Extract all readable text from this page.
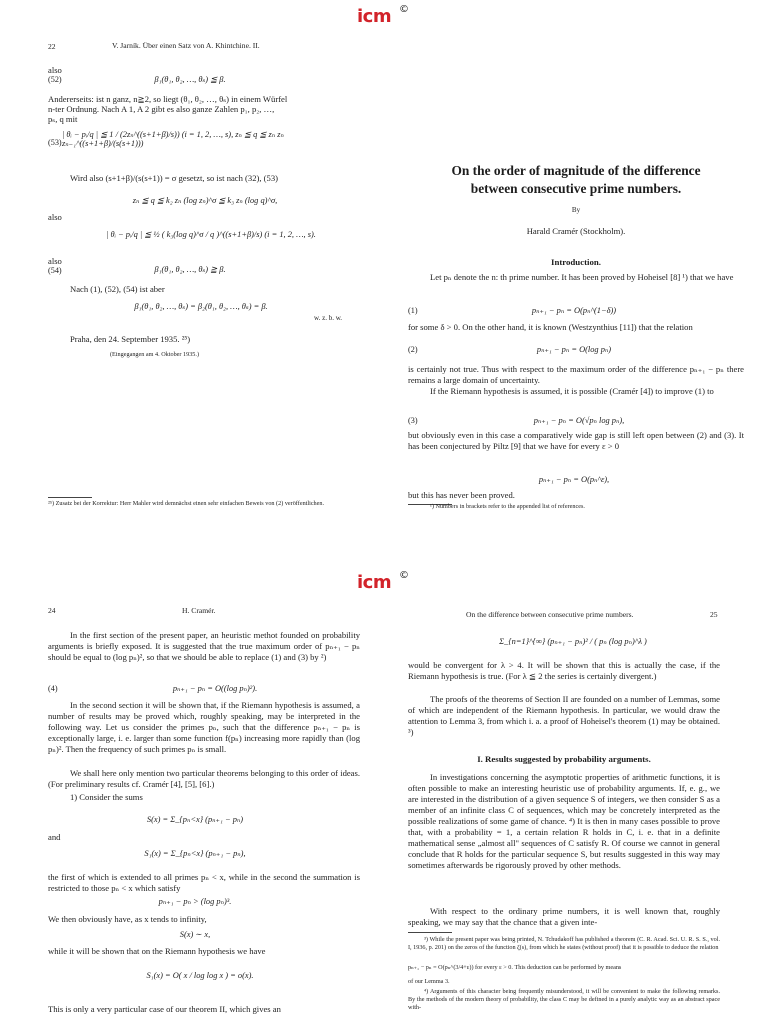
icm ©
22	V. Jarník. Über einen Satz von A. Khintchine. II.
also
(52)	β₁(θ₁, θ₂, …, θₛ) ≦ β.
Andererseits: ist n ganz, n≧2, so liegt (θ₁, θ₂, …, θₛ) in einem Würfel
n-ter Ordnung. Nach A 1, A 2 gibt es also ganze Zahlen p₁, p₂, …,
pₛ, q mit
(53)
| θᵢ − pᵢ/q | ≦ 1 / (2zₙ^((s+1+β)/s)) (i = 1, 2, …, s), zₙ ≦ q ≦ zₙ zₙ zₙ₋₁^((s+1+β)/(s(s+1)))
Wird also (s+1+β)/(s(s+1)) = σ gesetzt, so ist nach (32), (53)
zₙ ≦ q ≦ k₂ zₙ (log zₙ)^σ ≦ k₃ zₙ (log q)^σ,
also
| θᵢ − pᵢ/q | ≦ ½ ( k₃(log q)^σ / q )^((s+1+β)/s) (i = 1, 2, …, s).
also
(54)	β₁(θ₁, θ₂, …, θₛ) ≧ β.
Nach (1), (52), (54) ist aber
β₁(θ₁, θ₂, …, θₛ) = β₂(θ₁, θ₂, …, θₛ) = β.
w. z. b. w.
Praha, den 24. September 1935. ²⁵)
(Eingegangen am 4. Oktober 1935.)
²⁵) Zusatz bei der Korrektur: Herr Mahler wird demnächst einen sehr einfachen Beweis von (2) veröffentlichen.
On the order of magnitude of the difference
between consecutive prime numbers.
By
Harald Cramér (Stockholm).
Introduction.
Let pₙ denote the n: th prime number. It has been proved by Hoheisel [8] ¹) that we have
(1)	pₙ₊₁ − pₙ = O(pₙ^(1−δ))
for some δ > 0. On the other hand, it is known (Westzynthius [11]) that the relation
(2)	pₙ₊₁ − pₙ = O(log pₙ)
is certainly not true. Thus with respect to the maximum order of the difference pₙ₊₁ − pₙ there remains a large domain of uncertainty.
If the Riemann hypothesis is assumed, it is possible (Cramér [4]) to improve (1) to
(3)	pₙ₊₁ − pₙ = O(√pₙ log pₙ),
but obviously even in this case a comparatively wide gap is still left open between (2) and (3). It has been conjectured by Piltz [9] that we have for every ε > 0
pₙ₊₁ − pₙ = O(pₙ^ε),
but this has never been proved.
¹) Numbers in brackets refer to the appended list of references.
icm ©
24	H. Cramér.
In the first section of the present paper, an heuristic methot founded on probability arguments is briefly exposed. It is suggested that the true maximum order of pₙ₊₁ − pₙ should be equal to (log pₙ)², so that we should be able to replace (1) and (3) by ²)
(4)	pₙ₊₁ − pₙ = O((log pₙ)²).
In the second section it will be shown that, if the Riemann hypothesis is assumed, a number of results may be proved which, roughly speaking, may be interpreted in the following way. Let us consider the primes pₙ, such that the difference pₙ₊₁ − pₙ is exceptionally large, i. e. larger than some function f(pₙ) increasing more rapidly than (log pₙ)². Then the frequency of such primes pₙ is small.
We shall here only mention two particular theorems belonging to this order of ideas. (For preliminary results cf. Cramér [4], [5], [6].)
1) Consider the sums
S(x) = Σ_{pₙ<x} (pₙ₊₁ − pₙ)
and
S₁(x) = Σ_{pₙ<x} (pₙ₊₁ − pₙ),
the first of which is extended to all primes pₙ < x, while in the second the summation is restricted to those pₙ < x which satisfy
pₙ₊₁ − pₙ > (log pₙ)³.
We then obviously have, as x tends to infinity,
S(x) ∼ x,
while it will be shown that on the Riemann hypothesis we have
S₁(x) = O( x / log log x ) = o(x).
This is only a very particular case of our theorem II, which gives an
On the difference between consecutive prime numbers.	25
Σ_{n=1}^{∞} (pₙ₊₁ − pₙ)² / ( pₙ (log pₙ)^λ )
would be convergent for λ > 4. It will be shown that this is actually the case, if the Riemann hypothesis is true. (For λ ≦ 2 the series is certainly divergent.)
The proofs of the theorems of Section II are founded on a number of Lemmas, some of which are independent of the Riemann hypothesis. In particular, we would draw the attention to Lemma 3, from which i. a. a proof of Hoheisel's theorem (1) may be obtained. ³)
I. Results suggested by probability arguments.
In investigations concerning the asymptotic properties of arithmetic functions, it is often possible to make an interesting heuristic use of probability arguments. If, e. g., we are interested in the distribution of a given sequence S of integers, we then consider S as a member of an infinite class C of sequences, which may be concretely interpreted as the possible realizations of some game of chance. ⁴) It is then in many cases possible to prove that, with a probability = 1, a certain relation R holds in C, i. e. that in a definite mathematical sense „almost all" sequences of C satisfy R. Of course we cannot in general conclude that R holds for the particular sequence S, but results suggested in this way may sometimes afterwards be rigorously proved by other methods.
With respect to the ordinary prime numbers, it is well known that, roughly speaking, we may say that the chance that a given inte-
³) While the present paper was being printed, N. Tchudakoff has published a theorem (C. R. Acad. Sci. U. R. S. S., vol. I, 1936, p. 201) on the zeros of the function ζ(s), from which he states (without proof) that it is possible to deduce the relation
pₙ₊₁ − pₙ = O(pₙ^(3/4+ε)) for every ε > 0. This deduction can be performed by means
of our Lemma 3.
⁴) Arguments of this character being frequently misunderstood, it will be convenient to make the following remarks. By the methods of the modern theory of probability, the class C may be defined in a purely analytic way as an abstract space with-
